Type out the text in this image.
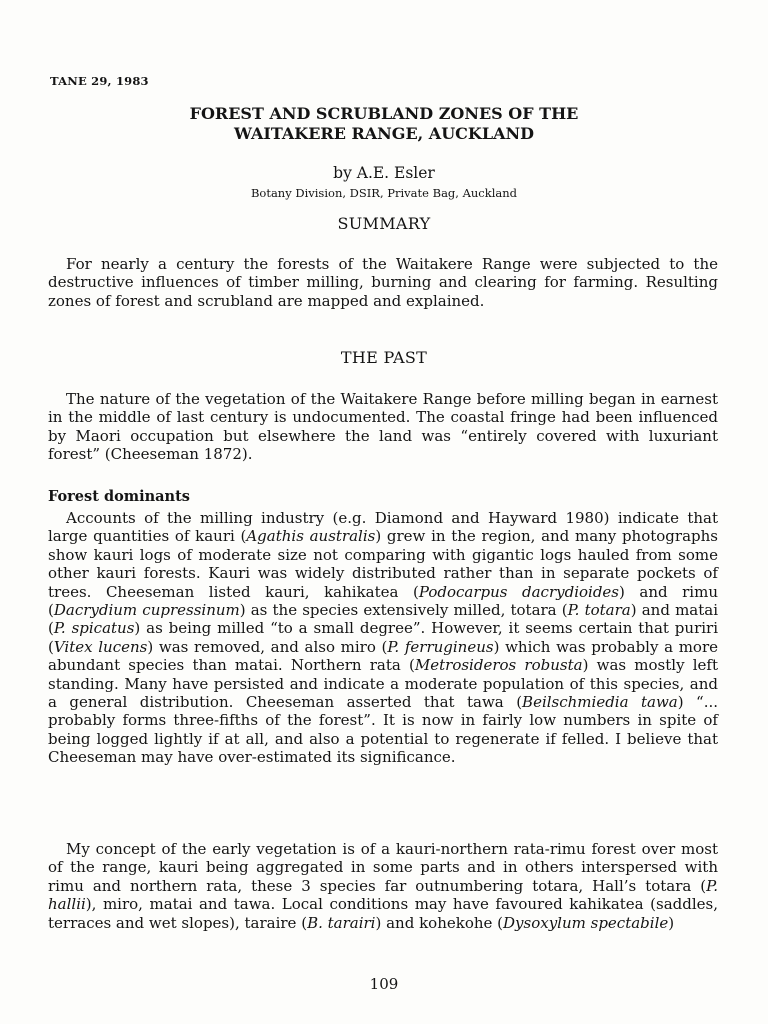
TANE 29, 1983
FOREST AND SCRUBLAND ZONES OF THE
WAITAKERE RANGE, AUCKLAND
by A.E. Esler
Botany Division, DSIR, Private Bag, Auckland
SUMMARY

For nearly a century the forests of the Waitakere Range were subjected to the destructive influences of timber milling, burning and clearing for farming. Resulting zones of forest and scrubland are mapped and explained.

THE PAST

The nature of the vegetation of the Waitakere Range before milling began in earnest in the middle of last century is undocumented. The coastal fringe had been influenced by Maori occupation but elsewhere the land was “entirely covered with luxuriant forest” (Cheeseman 1872).

Forest dominants

Accounts of the milling industry (e.g. Diamond and Hayward 1980) indicate that large quantities of kauri (Agathis australis) grew in the region, and many photographs show kauri logs of moderate size not comparing with gigantic logs hauled from some other kauri forests. Kauri was widely distributed rather than in separate pockets of trees. Cheeseman listed kauri, kahikatea (Podocarpus dacrydioides) and rimu (Dacrydium cupressinum) as the species extensively milled, totara (P. totara) and matai (P. spicatus) as being milled “to a small degree”. However, it seems certain that puriri (Vitex lucens) was removed, and also miro (P. ferrugineus) which was probably a more abundant species than matai. Northern rata (Metrosideros robusta) was mostly left standing. Many have persisted and indicate a moderate population of this species, and a general distribution. Cheeseman asserted that tawa (Beilschmiedia tawa) “... probably forms three-fifths of the forest”. It is now in fairly low numbers in spite of being logged lightly if at all, and also a potential to regenerate if felled. I believe that Cheeseman may have over-estimated its significance.

My concept of the early vegetation is of a kauri-northern rata-rimu forest over most of the range, kauri being aggregated in some parts and in others interspersed with rimu and northern rata, these 3 species far outnumbering totara, Hall’s totara (P. hallii), miro, matai and tawa. Local conditions may have favoured kahikatea (saddles, terraces and wet slopes), taraire (B. tarairi) and kohekohe (Dysoxylum spectabile)

109
